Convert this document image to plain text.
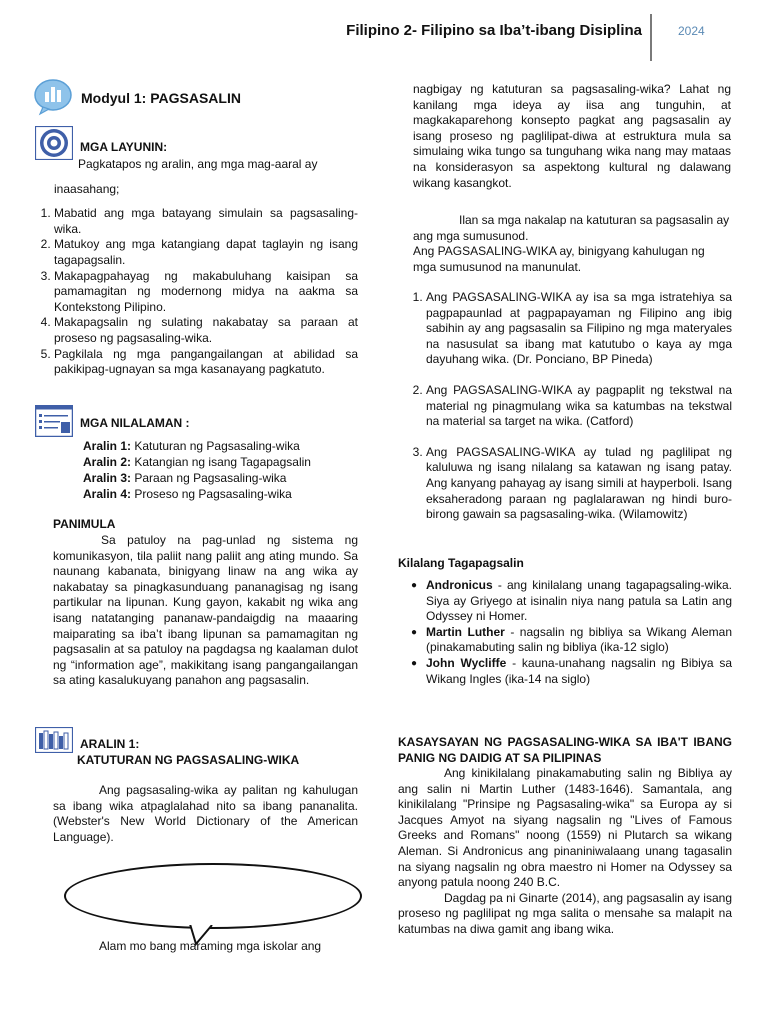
Filipino 2- Filipino sa Iba’t-ibang Disiplina	2024
Modyul 1: PAGSASALIN
MGA LAYUNIN:
Pagkatapos ng aralin, ang mga mag-aaral ay
inaasahang;
1. Mabatid ang mga batayang simulain sa pagsasaling-wika.
2. Matukoy ang mga katangiang dapat taglayin ng isang tagapagsalin.
3. Makapagpahayag ng makabuluhang kaisipan sa pamamagitan ng modernong midya na aakma sa Kontekstong Pilipino.
4. Makapagsalin ng sulating nakabatay sa paraan at proseso ng pagsasaling-wika.
5. Pagkilala ng mga pangangailangan at abilidad sa pakikipag-ugnayan sa mga kasanayang pagkatuto.
MGA NILALAMAN :
Aralin 1: Katuturan ng Pagsasaling-wika
Aralin 2: Katangian ng isang Tagapagsalin
Aralin 3: Paraan ng Pagsasaling-wika
Aralin 4: Proseso ng Pagsasaling-wika
PANIMULA
Sa patuloy na pag-unlad ng sistema ng komunikasyon, tila paliit nang paliit ang ating mundo. Sa naunang kabanata, binigyang linaw na ang wika ay nakabatay sa pinagkasunduang pananagisag ng isang partikular na lipunan. Kung gayon, kakabit ng wika ang isang natatanging pananaw-pandaigdig na maaaring maiparating sa iba’t ibang lipunan sa pamamagitan ng pagsasalin at sa patuloy na pagdagsa ng kaalaman dulot ng “information age”, makikitang isang pangangailangan sa ating kasalukuyang panahon ang pagsasalin.
ARALIN 1:
KATUTURAN NG PAGSASALING-WIKA
Ang pagsasaling-wika ay palitan ng kahulugan sa ibang wika atpaglalahad nito sa ibang pananalita. (Webster's New World Dictionary of the American Language).
Alam mo bang maraming mga iskolar ang
nagbigay ng katuturan sa pagsasaling-wika? Lahat ng kanilang mga ideya ay iisa ang tunguhin, at magkakaparehong konsepto pagkat ang pagsasalin ay isang proseso ng paglilipat-diwa at estruktura mula sa simulaing wika tungo sa tunguhang wika nang may mataas na konsiderasyon sa aspektong kultural ng dalawang wikang kasangkot.

Ilan sa mga nakalap na katuturan sa pagsasalin ay ang mga sumusunod.

Ang PAGSASALING-WIKA ay, binigyang kahulugan ng mga sumusunod na manunulat.

1. Ang PAGSASALING-WIKA ay isa sa mga istratehiya sa pagpapaunlad at pagpapayaman ng Filipino ang ibig sabihin ay ang pagsasalin sa Filipino ng mga materyales na nasusulat sa ibang mat katutubo o kaya ay mga dayuhang wika. (Dr. Ponciano, BP Pineda)
2. Ang PAGSASALING-WIKA ay pagpaplit ng tekstwal na material ng pinagmulang wika sa katumbas na tekstwal na material sa target na wika. (Catford)
3. Ang PAGSASALING-WIKA ay tulad ng paglilipat ng kaluluwa ng isang nilalang sa katawan ng isang patay. Ang kanyang pahayag ay isang simili at hayperboli. Isang eksaheradong paraan ng paglalarawan ng hindi buro-birong gawain sa pagsasaling-wika. (Wilamowitz)
Kilalang Tagapagsalin
● Andronicus - ang kinilalang unang tagapagsaling-wika. Siya ay Griyego at isinalin niya nang patula sa Latin ang Odyssey ni Homer.
● Martin Luther - nagsalin ng bibliya sa Wikang Aleman (pinakamabuting salin ng bibliya (ika-12 siglo)
● John Wycliffe - kauna-unahang nagsalin ng Bibiya sa Wikang Ingles (ika-14 na siglo)
KASAYSAYAN NG PAGSASALING-WIKA SA IBA'T IBANG PANIG NG DAIDIG AT SA PILIPINAS

Ang kinikilalang pinakamabuting salin ng Bibliya ay ang salin ni Martin Luther (1483-1646). Samantala, ang kinikilalang "Prinsipe ng Pagsasaling-wika" sa Europa ay si Jacques Amyot na siyang nagsalin ng "Lives of Famous Greeks and Romans" noong (1559) ni Plutarch sa wikang Aleman. Si Andronicus ang pinaniniwalaang unang tagasalin na siyang nagsalin ng obra maestro ni Homer na Odyssey sa anyong patula noong 240 B.C.

Dagdag pa ni Ginarte (2014), ang pagsasalin ay isang proseso ng paglilipat ng mga salita o mensahe sa malapit na katumbas na diwa gamit ang ibang wika.
